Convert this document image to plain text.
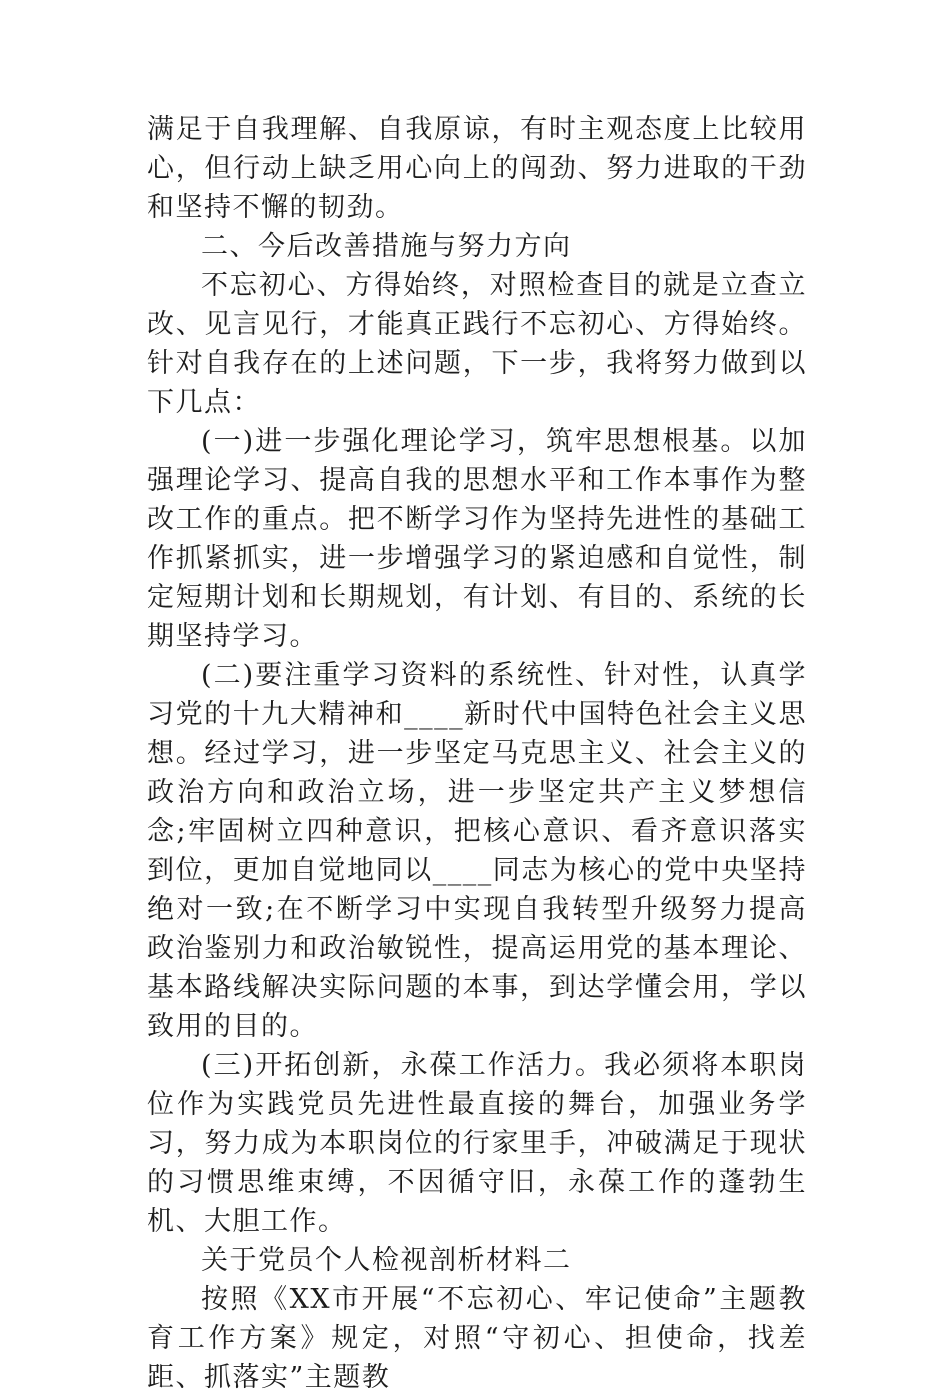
满足于自我理解、自我原谅，有时主观态度上比较用心，但行动上缺乏用心向上的闯劲、努力进取的干劲和坚持不懈的韧劲。

二、今后改善措施与努力方向

不忘初心、方得始终，对照检查目的就是立查立改、见言见行，才能真正践行不忘初心、方得始终。针对自我存在的上述问题，下一步，我将努力做到以下几点：

(一)进一步强化理论学习，筑牢思想根基。以加强理论学习、提高自我的思想水平和工作本事作为整改工作的重点。把不断学习作为坚持先进性的基础工作抓紧抓实，进一步增强学习的紧迫感和自觉性，制定短期计划和长期规划，有计划、有目的、系统的长期坚持学习。

(二)要注重学习资料的系统性、针对性，认真学习党的十九大精神和____新时代中国特色社会主义思想。经过学习，进一步坚定马克思主义、社会主义的政治方向和政治立场，进一步坚定共产主义梦想信念;牢固树立四种意识，把核心意识、看齐意识落实到位，更加自觉地同以____同志为核心的党中央坚持绝对一致;在不断学习中实现自我转型升级努力提高政治鉴别力和政治敏锐性，提高运用党的基本理论、基本路线解决实际问题的本事，到达学懂会用，学以致用的目的。

(三)开拓创新，永葆工作活力。我必须将本职岗位作为实践党员先进性最直接的舞台，加强业务学习，努力成为本职岗位的行家里手，冲破满足于现状的习惯思维束缚，不因循守旧，永葆工作的蓬勃生机、大胆工作。

关于党员个人检视剖析材料二

按照《XX市开展“不忘初心、牢记使命”主题教育工作方案》规定，对照“守初心、担使命，找差距、抓落实”主题教
